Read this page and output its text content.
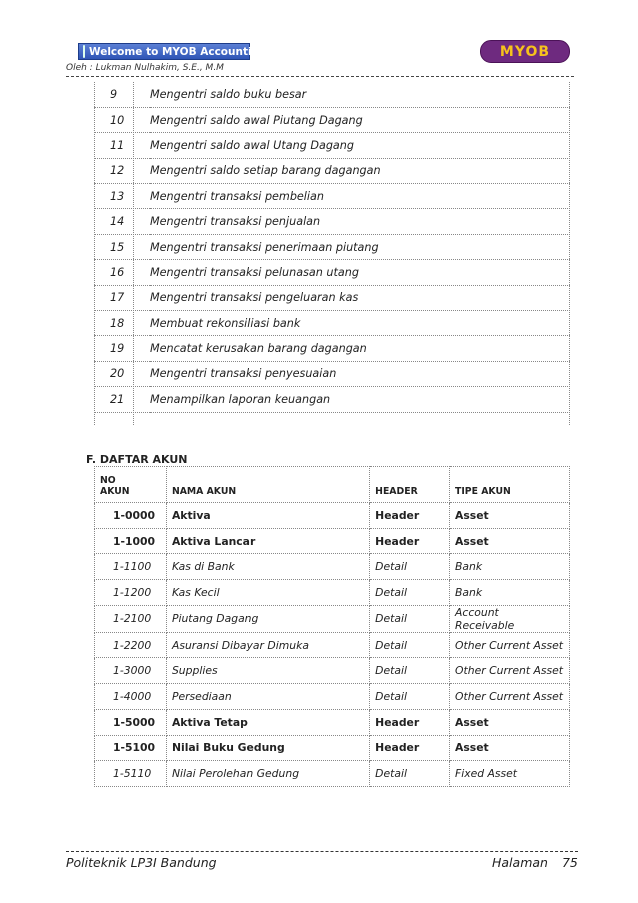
Welcome to MYOB Accounting	MYOB
Oleh : Lukman Nulhakim, S.E., M.M
9	Mengentri saldo buku besar
10	Mengentri saldo awal Piutang Dagang
11	Mengentri saldo awal Utang Dagang
12	Mengentri saldo setiap barang dagangan
13	Mengentri transaksi pembelian
14	Mengentri transaksi penjualan
15	Mengentri transaksi penerimaan piutang
16	Mengentri transaksi pelunasan utang
17	Mengentri transaksi pengeluaran kas
18	Membuat rekonsiliasi bank
19	Mencatat kerusakan barang dagangan
20	Mengentri transaksi penyesuaian
21	Menampilkan laporan keuangan
F. DAFTAR AKUN
NO AKUN	NAMA AKUN	HEADER	TIPE AKUN
1-0000	Aktiva	Header	Asset
1-1000	Aktiva Lancar	Header	Asset
1-1100	Kas di Bank	Detail	Bank
1-1200	Kas Kecil	Detail	Bank
1-2100	Piutang Dagang	Detail	Account Receivable
1-2200	Asuransi Dibayar Dimuka	Detail	Other Current Asset
1-3000	Supplies	Detail	Other Current Asset
1-4000	Persediaan	Detail	Other Current Asset
1-5000	Aktiva Tetap	Header	Asset
1-5100	Nilai Buku Gedung	Header	Asset
1-5110	Nilai Perolehan Gedung	Detail	Fixed Asset
Politeknik LP3I Bandung	Halaman 75
